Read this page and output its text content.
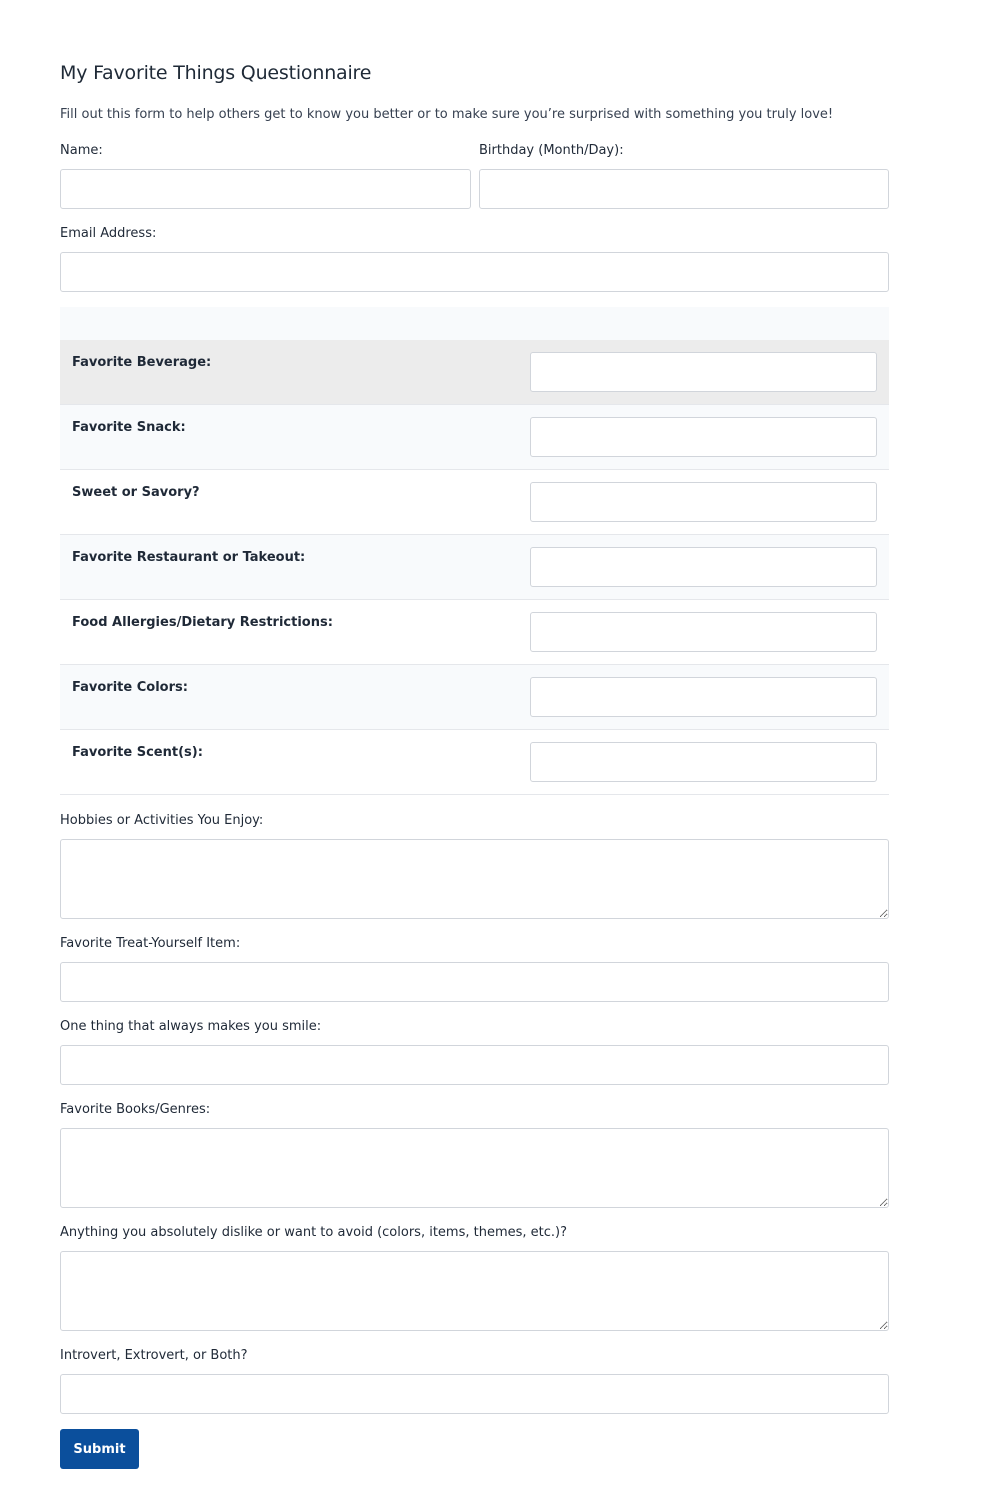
My Favorite Things Questionnaire

Fill out this form to help others get to know you better or to make sure you’re surprised with something you truly love!

Name:	Birthday (Month/Day):
Email Address:

Favorite Beverage:

Favorite Snack:

Sweet or Savory?

Favorite Restaurant or Takeout:

Food Allergies/Dietary Restrictions:

Favorite Colors:

Favorite Scent(s):

Hobbies or Activities You Enjoy:
Favorite Treat-Yourself Item:
One thing that always makes you smile:
Favorite Books/Genres:
Anything you absolutely dislike or want to avoid (colors, items, themes, etc.)?
Introvert, Extrovert, or Both?
Submit
